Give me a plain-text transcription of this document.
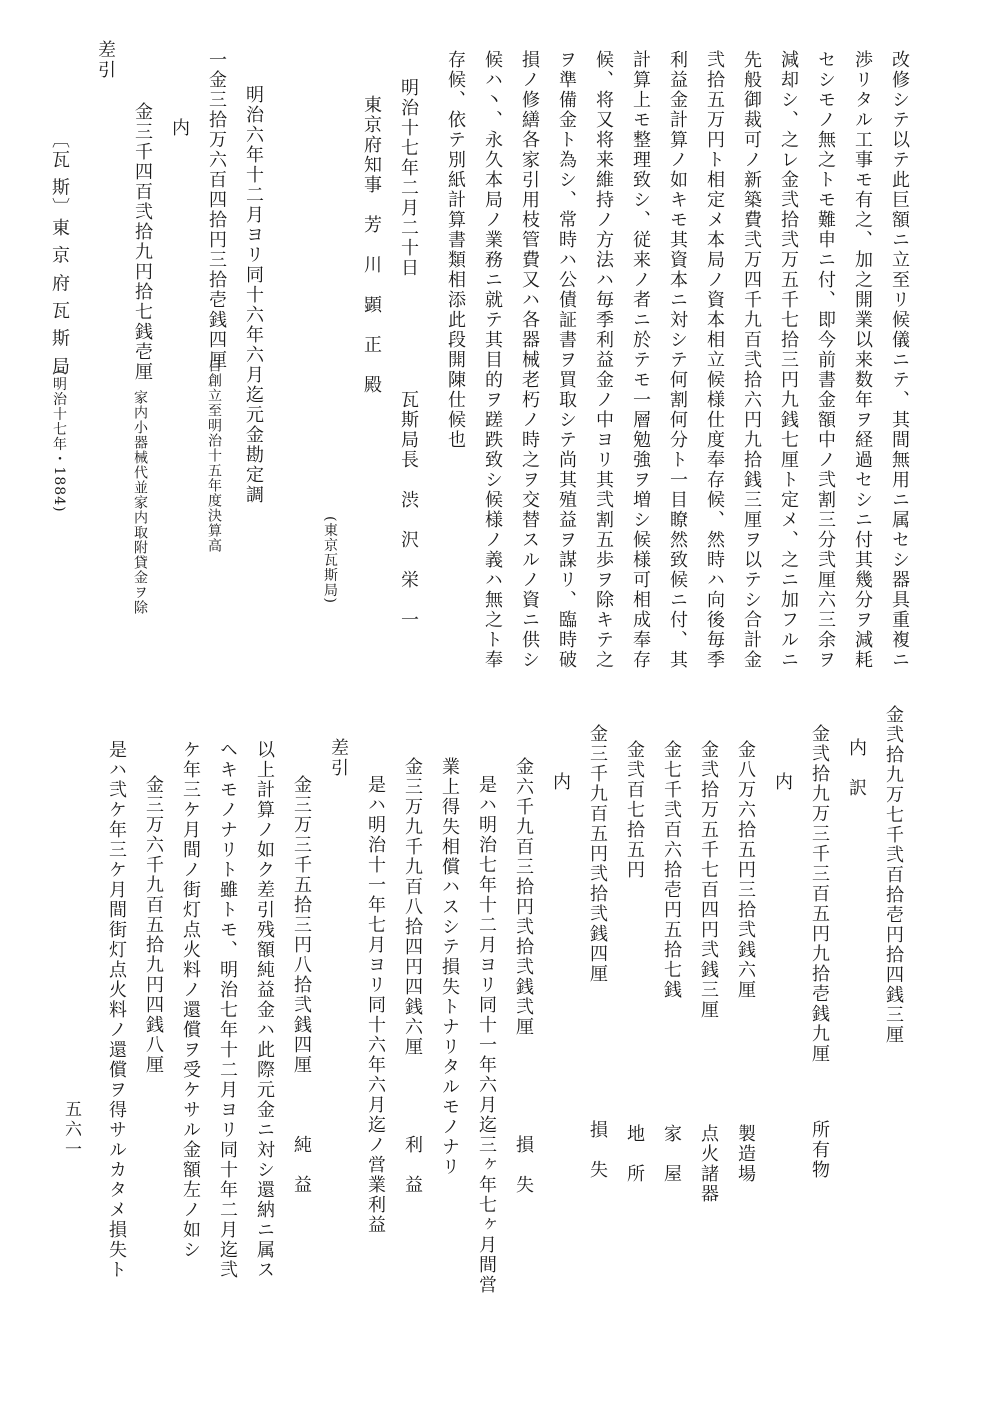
改修シテ以テ此巨額ニ立至リ候儀ニテ、其間無用ニ属セシ器具重複ニ
渉リタル工事モ有之、加之開業以来数年ヲ経過セシニ付其幾分ヲ減耗
セシモノ無之トモ難申ニ付、即今前書金額中ノ弐割三分弐厘六三余ヲ
減却シ、之レ金弐拾弐万五千七拾三円九銭七厘ト定メ、之ニ加フルニ
先般御裁可ノ新築費弐万四千九百弐拾六円九拾銭三厘ヲ以テシ合計金
弐拾五万円ト相定メ本局ノ資本相立候様仕度奉存候、然時ハ向後毎季
利益金計算ノ如キモ其資本ニ対シテ何割何分ト一目瞭然致候ニ付、其
計算上モ整理致シ、従来ノ者ニ於テモ一層勉強ヲ増シ候様可相成奉存
候、将又将来維持ノ方法ハ毎季利益金ノ中ヨリ其弐割五歩ヲ除キテ之
ヲ準備金ト為シ、常時ハ公債証書ヲ買取シテ尚其殖益ヲ謀リ、臨時破
損ノ修繕各家引用枝管費又ハ各器械老朽ノ時之ヲ交替スルノ資ニ供シ
候ハ丶、永久本局ノ業務ニ就テ其目的ヲ蹉跌致シ候様ノ義ハ無之ト奉
存候、依テ別紙計算書類相添此段開陳仕候也
明治十七年二月二十日
瓦斯局長　渋　沢　栄　一
東京府知事　芳　川　顕　正　殿
明治六年十二月ヨリ同十六年六月迄元金勘定調
一金三拾万六百四拾円三拾壱銭四厘
内
金三千四百弐拾九円拾七銭壱厘
差引
(東京瓦斯局)
自創立至明治十五年度決算高
家内小器械代並家内取附貸金ヲ除
金弐拾九万七千弐百拾壱円拾四銭三厘
内　訳
金弐拾九万三千三百五円九拾壱銭九厘
所有物
内
金八万六拾五円三拾弐銭六厘
製造場
金弐拾万五千七百四円弐銭三厘
点火諸器
金七千弐百六拾壱円五拾七銭
家　屋
金弐百七拾五円
地　所
金三千九百五円弐拾弐銭四厘
内
損　失
金六千九百三拾円弐拾弐銭弐厘
損　失
是ハ明治七年十二月ヨリ同十一年六月迄三ヶ年七ヶ月間営
業上得失相償ハスシテ損失トナリタルモノナリ
金三万九千九百八拾四円四銭六厘
利　益
是ハ明治十一年七月ヨリ同十六年六月迄ノ営業利益
差引
金三万三千五拾三円八拾弐銭四厘
純　益
以上計算ノ如ク差引残額純益金ハ此際元金ニ対シ還納ニ属ス
ヘキモノナリト雖トモ、明治七年十二月ヨリ同十年二月迄弐
ケ年三ケ月間ノ街灯点火料ノ還償ヲ受ケサル金額左ノ如シ
金三万六千九百五拾九円四銭八厘
是ハ弐ケ年三ケ月間街灯点火料ノ還償ヲ得サルカタメ損失ト
〔瓦 斯〕
東 京 府 瓦 斯 局
(明治十七年・1884)
五六一
